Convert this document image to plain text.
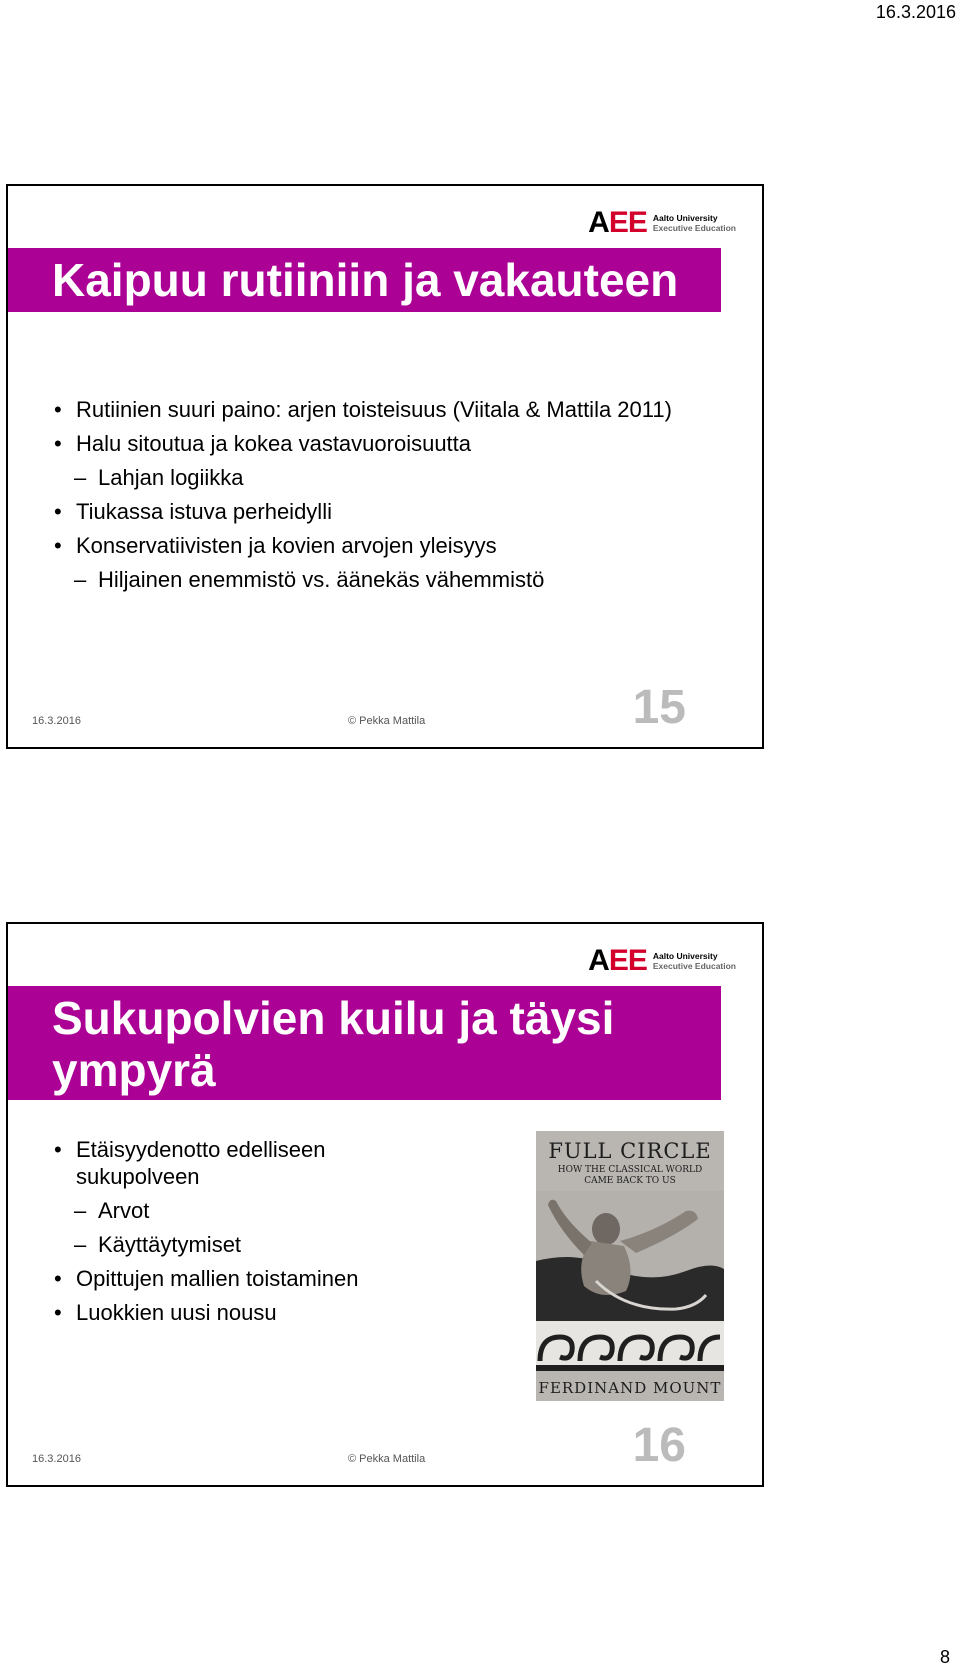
16.3.2016
AEE Aalto University
Executive Education
Kaipuu rutiiniin ja vakauteen
• Rutiinien suuri paino: arjen toisteisuus (Viitala & Mattila 2011)
• Halu sitoutua ja kokea vastavuoroisuutta
– Lahjan logiikka
• Tiukassa istuva perheidylli
• Konservatiivisten ja kovien arvojen yleisyys
– Hiljainen enemmistö vs. äänekäs vähemmistö
16.3.2016	© Pekka Mattila	15
AEE Aalto University
Executive Education
Sukupolvien kuilu ja täysi
ympyrä
• Etäisyydenotto edelliseen sukupolveen
– Arvot
– Käyttäytymiset
• Opittujen mallien toistaminen
• Luokkien uusi nousu
FULL CIRCLE
HOW THE CLASSICAL WORLD
CAME BACK TO US
FERDINAND MOUNT
16.3.2016	© Pekka Mattila	16
8
